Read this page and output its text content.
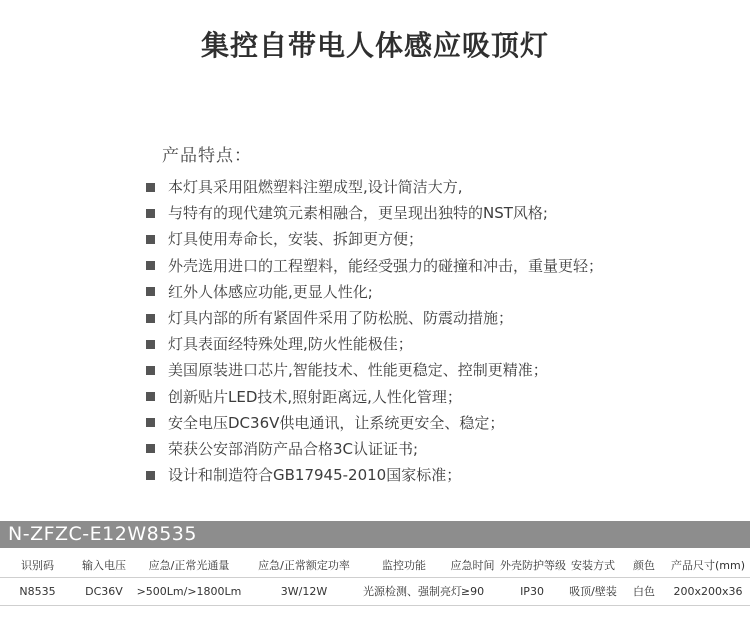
集控自带电人体感应吸顶灯
产品特点：
本灯具采用阻燃塑料注塑成型,设计简洁大方,
与特有的现代建筑元素相融合，更呈现出独特的NST风格;
灯具使用寿命长，安装、拆卸更方便；
外壳选用进口的工程塑料，能经受强力的碰撞和冲击，重量更轻；
红外人体感应功能,更显人性化;
灯具内部的所有紧固件采用了防松脱、防震动措施；
灯具表面经特殊处理,防火性能极佳；
美国原装进口芯片,智能技术、性能更稳定、控制更精准；
创新贴片LED技术,照射距离远,人性化管理；
安全电压DC36V供电通讯，让系统更安全、稳定；
荣获公安部消防产品合格3C认证证书;
设计和制造符合GB17945-2010国家标准；
N-ZFZC-E12W8535
识别码	输入电压	应急/正常光通量	应急/正常额定功率	监控功能	应急时间	外壳防护等级	安装方式	颜色	产品尺寸(mm)
N8535	DC36V	>500Lm/>1800Lm	3W/12W	光源检测、强制亮灯	≥90	IP30	吸顶/壁装	白色	200x200x36
